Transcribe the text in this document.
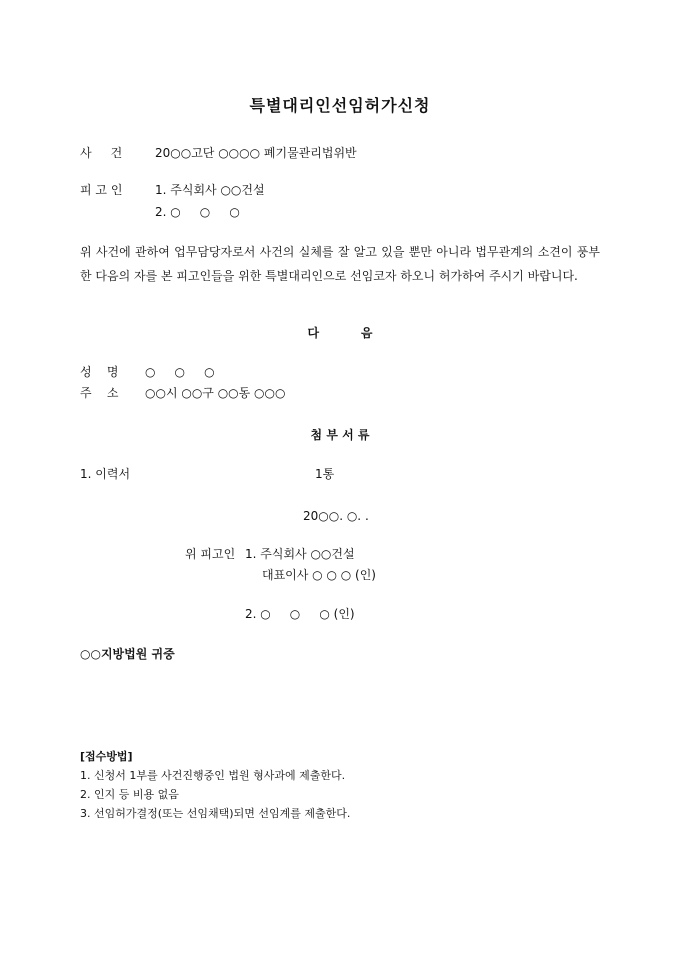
특별대리인선임허가신청
사     건	20○○고단 ○○○○ 폐기물관리법위반
피 고 인	1. 주식회사 ○○건설
2. ○     ○     ○
위 사건에 관하여 업무담당자로서 사건의 실체를 잘 알고 있을 뿐만 아니라 법무관계의 소견이 풍부한 다음의 자를 본 피고인들을 위한 특별대리인으로 선임코자 하오니 허가하여 주시기 바랍니다.
다          음
성    명 ○     ○     ○
주    소 ○○시 ○○구 ○○동 ○○○
첨 부 서 류
1. 이력서	1통
20○○. ○. .
위 피고인 1. 주식회사 ○○건설
대표이사 ○ ○ ○ (인)
2. ○     ○     ○ (인)
○○지방법원 귀중
[접수방법]
1. 신청서 1부를 사건진행중인 법원 형사과에 제출한다.
2. 인지 등 비용 없음
3. 선임허가결정(또는 선임채택)되면 선임계를 제출한다.
